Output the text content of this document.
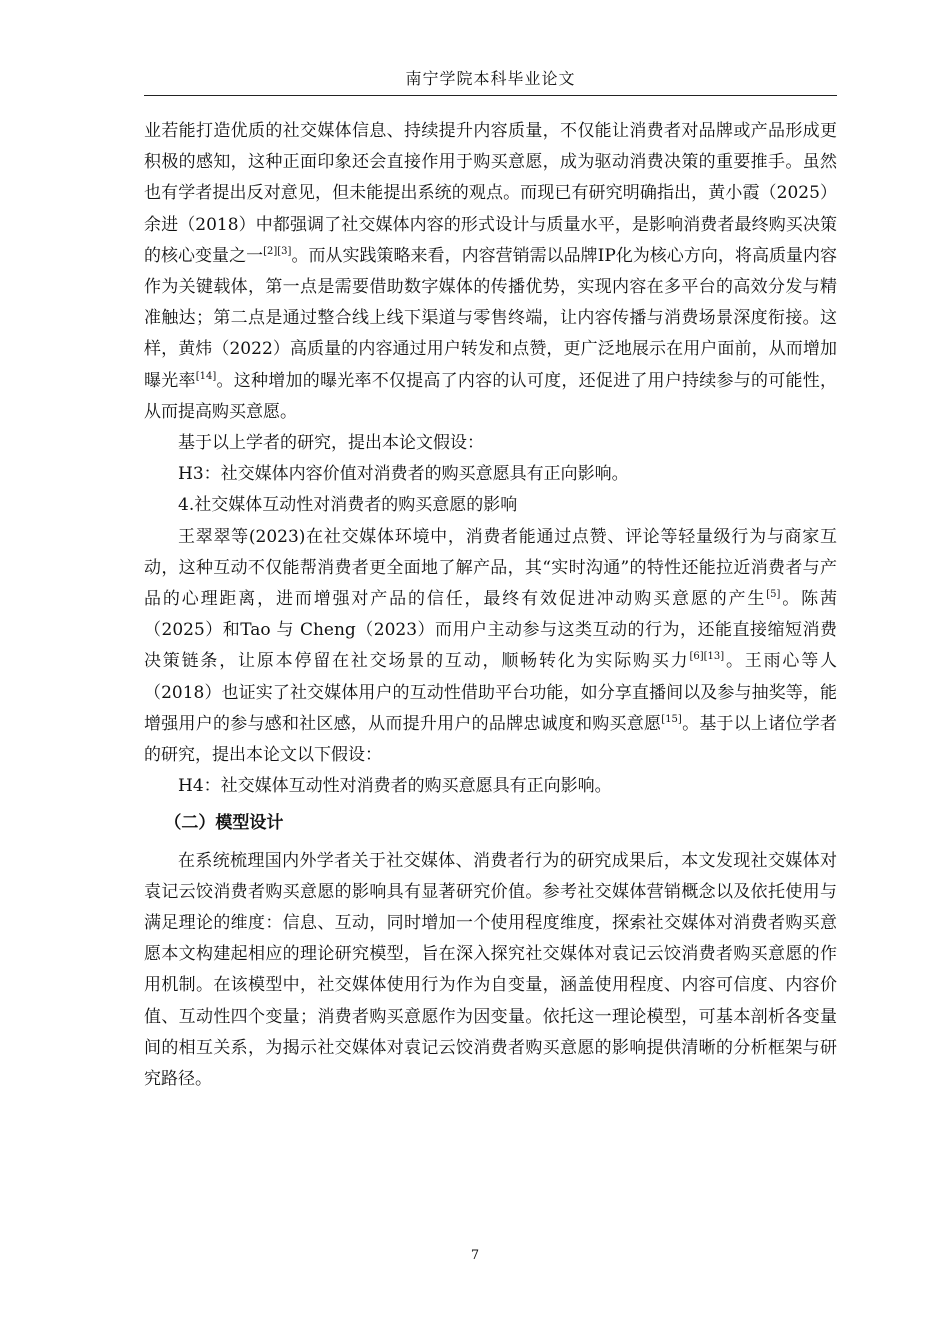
南宁学院本科毕业论文

业若能打造优质的社交媒体信息、持续提升内容质量，不仅能让消费者对品牌或产品形成更积极的感知，这种正面印象还会直接作用于购买意愿，成为驱动消费决策的重要推手。虽然也有学者提出反对意见，但未能提出系统的观点。而现已有研究明确指出，黄小霞（2025）余进（2018）中都强调了社交媒体内容的形式设计与质量水平，是影响消费者最终购买决策的核心变量之一[2][3]。而从实践策略来看，内容营销需以品牌IP化为核心方向，将高质量内容作为关键载体，第一点是需要借助数字媒体的传播优势，实现内容在多平台的高效分发与精准触达；第二点是通过整合线上线下渠道与零售终端，让内容传播与消费场景深度衔接。这样，黄炜（2022）高质量的内容通过用户转发和点赞，更广泛地展示在用户面前，从而增加曝光率[14]。这种增加的曝光率不仅提高了内容的认可度，还促进了用户持续参与的可能性，从而提高购买意愿。

基于以上学者的研究，提出本论文假设：

H3：社交媒体内容价值对消费者的购买意愿具有正向影响。

4.社交媒体互动性对消费者的购买意愿的影响

王翠翠等(2023)在社交媒体环境中，消费者能通过点赞、评论等轻量级行为与商家互动，这种互动不仅能帮消费者更全面地了解产品，其“实时沟通”的特性还能拉近消费者与产品的心理距离，进而增强对产品的信任，最终有效促进冲动购买意愿的产生[5]。陈茜（2025）和Tao 与 Cheng（2023）而用户主动参与这类互动的行为，还能直接缩短消费决策链条，让原本停留在社交场景的互动，顺畅转化为实际购买力[6][13]。王雨心等人（2018）也证实了社交媒体用户的互动性借助平台功能，如分享直播间以及参与抽奖等，能增强用户的参与感和社区感，从而提升用户的品牌忠诚度和购买意愿[15]。基于以上诸位学者的研究，提出本论文以下假设：

H4：社交媒体互动性对消费者的购买意愿具有正向影响。

（二）模型设计

在系统梳理国内外学者关于社交媒体、消费者行为的研究成果后，本文发现社交媒体对袁记云饺消费者购买意愿的影响具有显著研究价值。参考社交媒体营销概念以及依托使用与满足理论的维度：信息、互动，同时增加一个使用程度维度，探索社交媒体对消费者购买意愿本文构建起相应的理论研究模型，旨在深入探究社交媒体对袁记云饺消费者购买意愿的作用机制。在该模型中，社交媒体使用行为作为自变量，涵盖使用程度、内容可信度、内容价值、互动性四个变量；消费者购买意愿作为因变量。依托这一理论模型，可基本剖析各变量间的相互关系，为揭示社交媒体对袁记云饺消费者购买意愿的影响提供清晰的分析框架与研究路径。

7
